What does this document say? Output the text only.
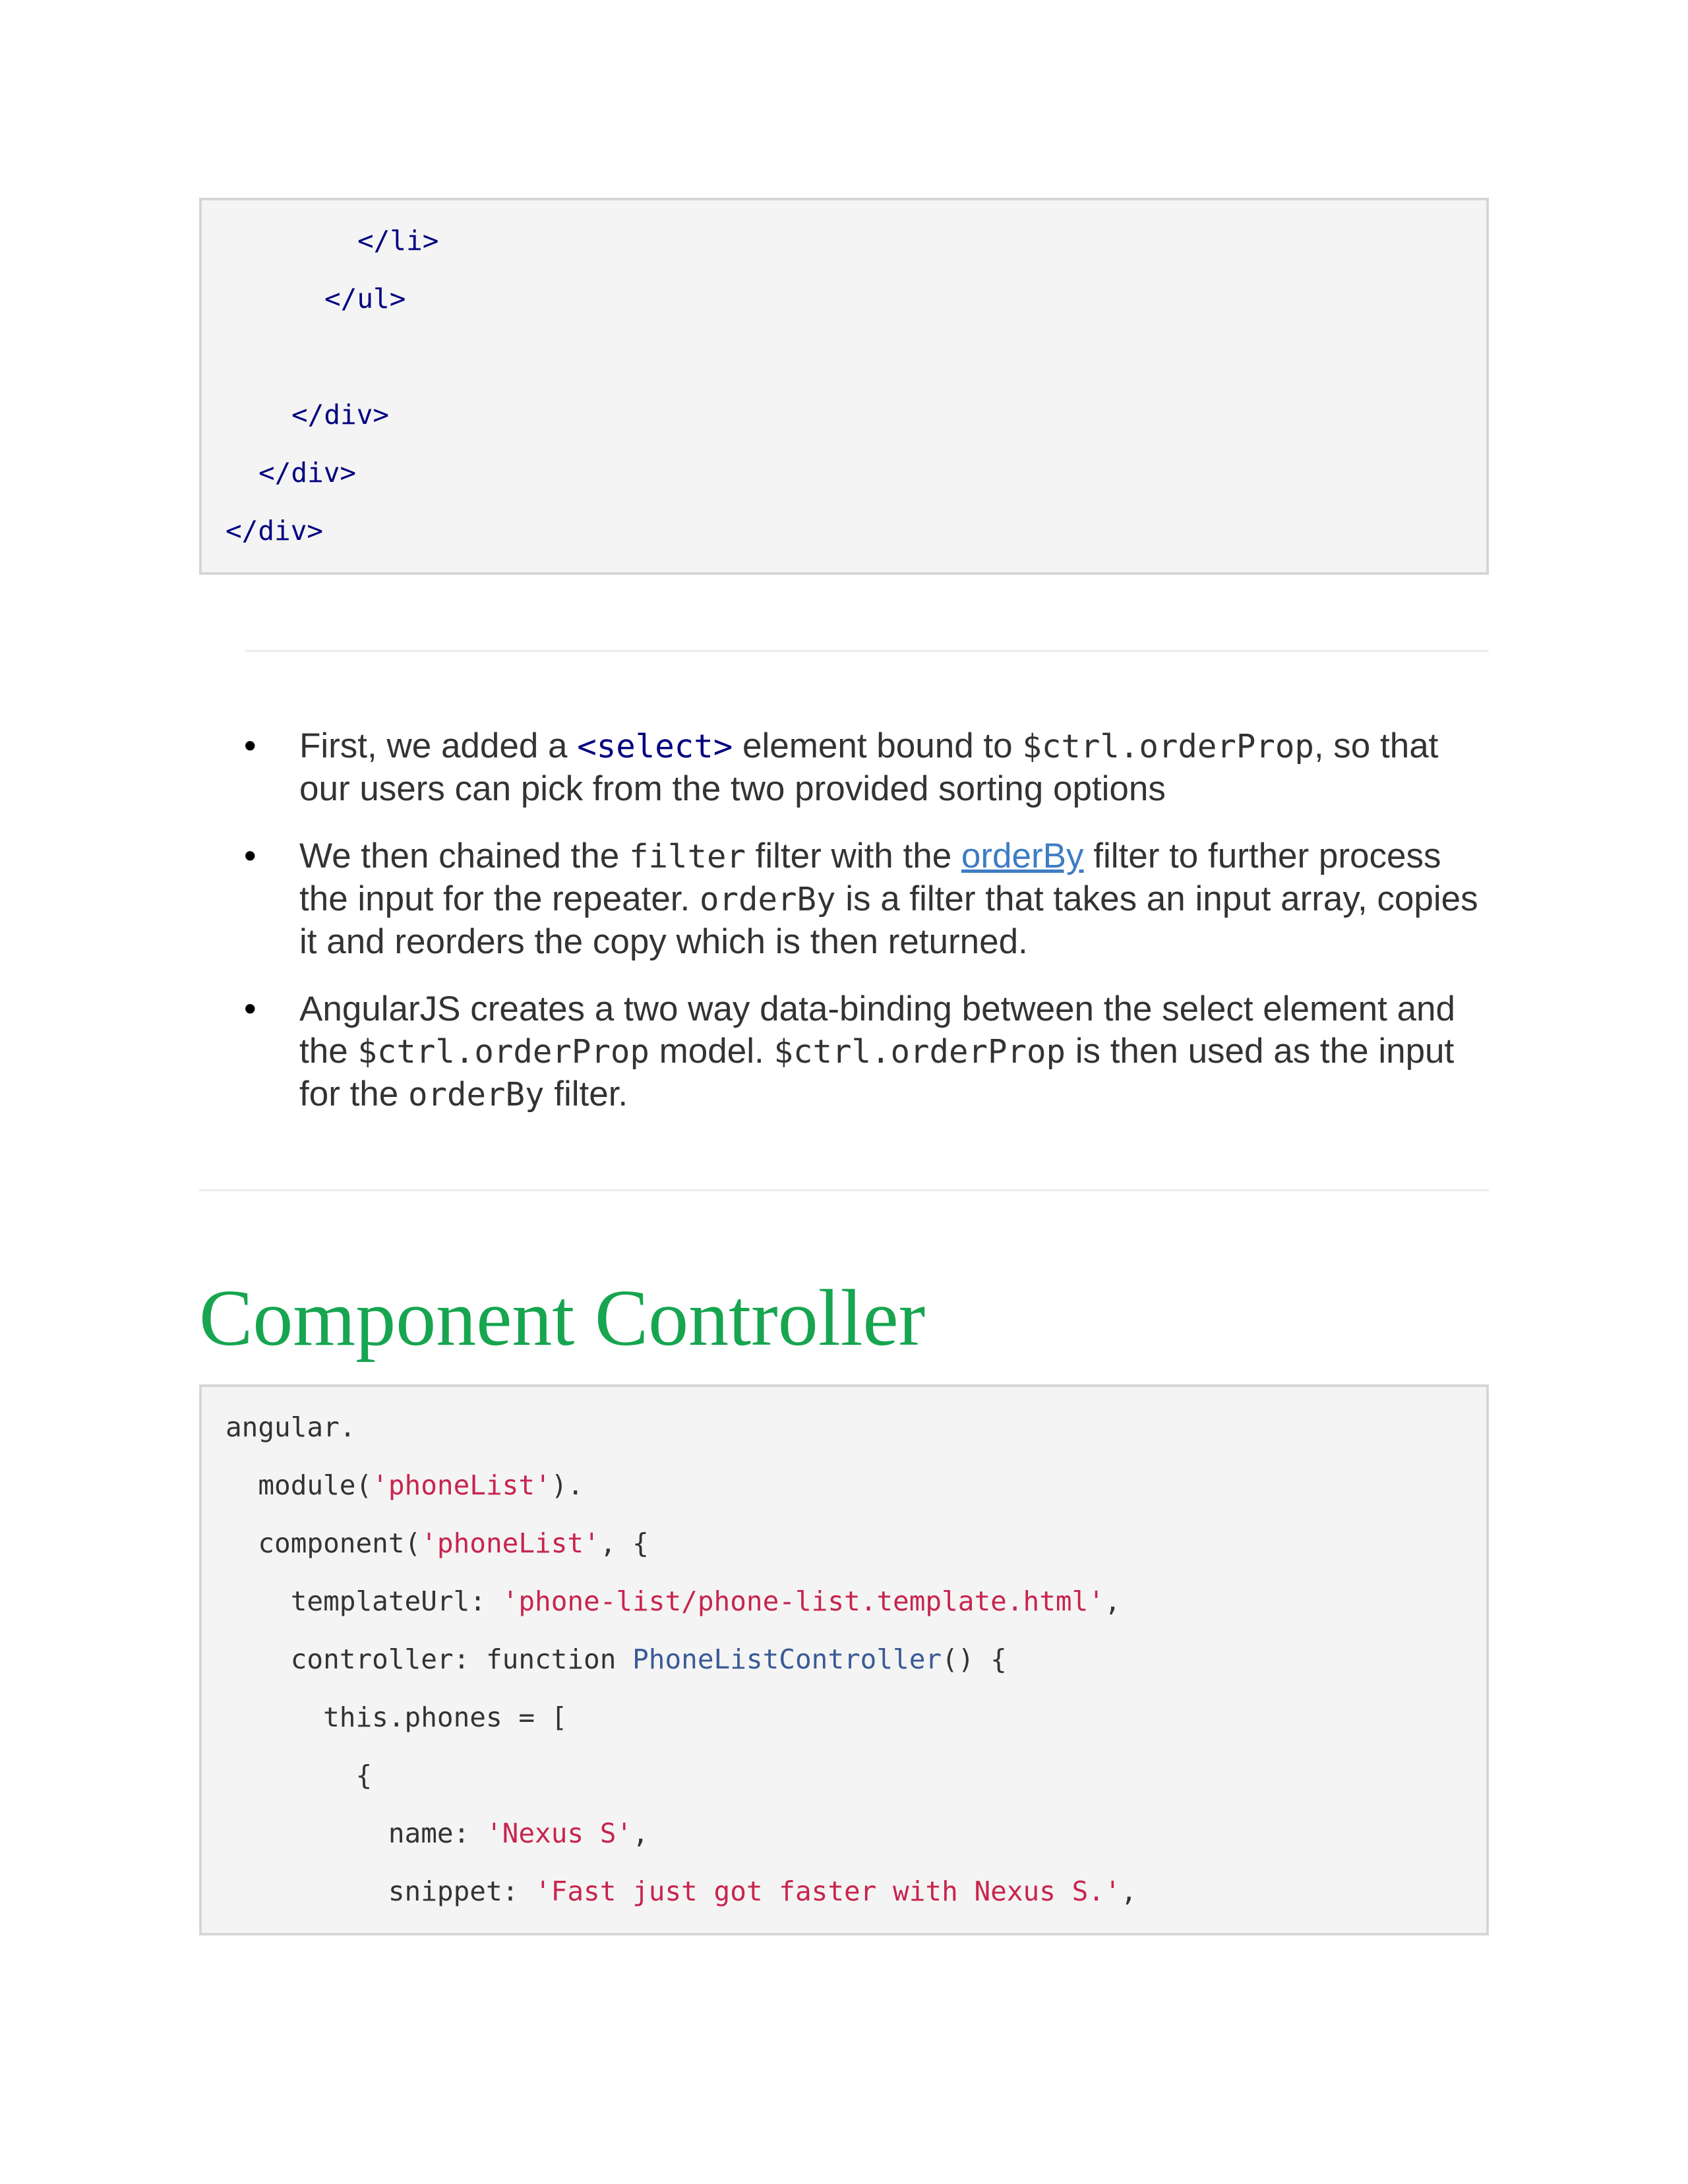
</li>
</ul>
</div>
</div>
</div>
•	First, we added a <select> element bound to $ctrl.orderProp, so that our users can pick from the two provided sorting options
•	We then chained the filter filter with the orderBy filter to further process the input for the repeater. orderBy is a filter that takes an input array, copies it and reorders the copy which is then returned.
•	AngularJS creates a two way data-binding between the select element and the $ctrl.orderProp model. $ctrl.orderProp is then used as the input for the orderBy filter.
Component Controller
angular.
module('phoneList').
component('phoneList', {
templateUrl: 'phone-list/phone-list.template.html',
controller: function PhoneListController() {
this.phones = [
{
name: 'Nexus S',
snippet: 'Fast just got faster with Nexus S.',
